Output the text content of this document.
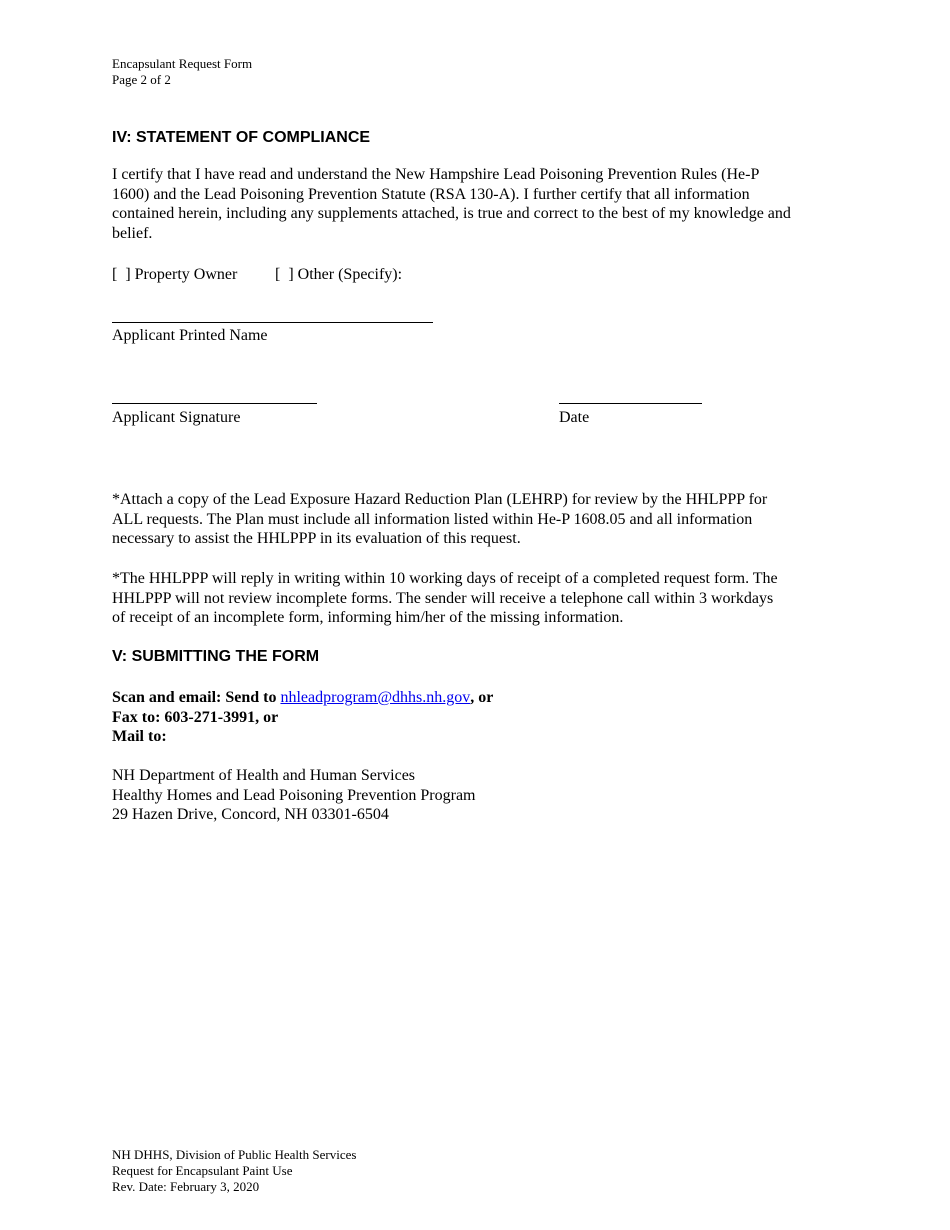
Encapsulant Request Form
Page 2 of 2
IV: STATEMENT OF COMPLIANCE
I certify that I have read and understand the New Hampshire Lead Poisoning Prevention Rules (He-P
1600) and the Lead Poisoning Prevention Statute (RSA 130-A). I further certify that all information
contained herein, including any supplements attached, is true and correct to the best of my knowledge and
belief.
[  ] Property Owner [  ] Other (Specify):
Applicant Printed Name
Applicant Signature	Date
*Attach a copy of the Lead Exposure Hazard Reduction Plan (LEHRP) for review by the HHLPPP for
ALL requests. The Plan must include all information listed within He-P 1608.05 and all information
necessary to assist the HHLPPP in its evaluation of this request.
*The HHLPPP will reply in writing within 10 working days of receipt of a completed request form. The
HHLPPP will not review incomplete forms. The sender will receive a telephone call within 3 workdays
of receipt of an incomplete form, informing him/her of the missing information.
V: SUBMITTING THE FORM
Scan and email: Send to nhleadprogram@dhhs.nh.gov, or
Fax to: 603-271-3991, or
Mail to:
NH Department of Health and Human Services
Healthy Homes and Lead Poisoning Prevention Program
29 Hazen Drive, Concord, NH 03301-6504
NH DHHS, Division of Public Health Services
Request for Encapsulant Paint Use
Rev. Date: February 3, 2020
